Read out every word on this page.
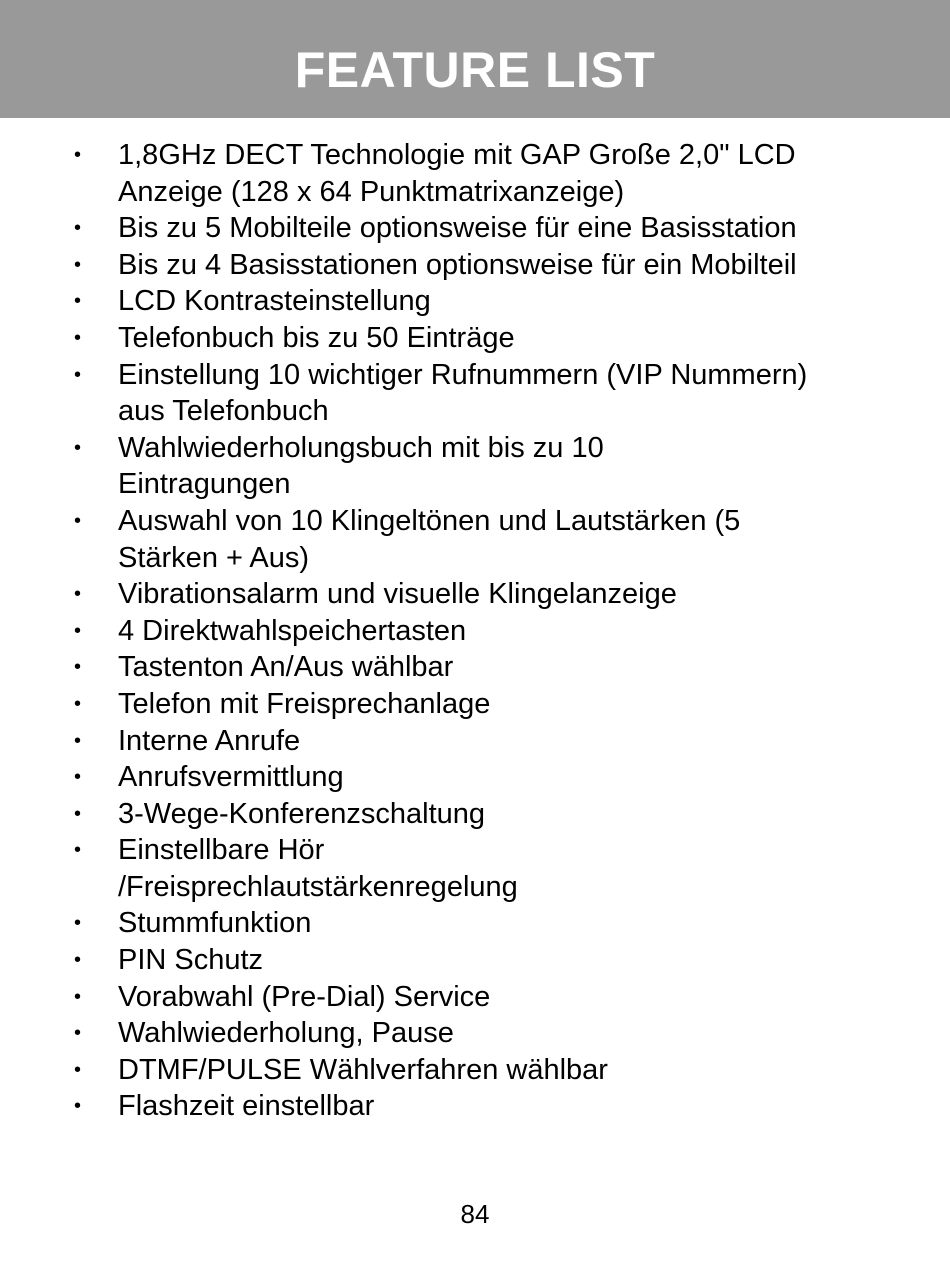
FEATURE LIST
• 1,8GHz DECT Technologie mit GAP Große 2,0" LCD
Anzeige (128 x 64 Punktmatrixanzeige)
• Bis zu 5 Mobilteile optionsweise für eine Basisstation
• Bis zu 4 Basisstationen optionsweise für ein Mobilteil
• LCD Kontrasteinstellung
• Telefonbuch bis zu 50 Einträge
• Einstellung 10 wichtiger Rufnummern (VIP Nummern)
aus Telefonbuch
• Wahlwiederholungsbuch mit bis zu 10
Eintragungen
• Auswahl von 10 Klingeltönen und Lautstärken (5
Stärken + Aus)
• Vibrationsalarm und visuelle Klingelanzeige
• 4 Direktwahlspeichertasten
• Tastenton An/Aus wählbar
• Telefon mit Freisprechanlage
• Interne Anrufe
• Anrufsvermittlung
• 3-Wege-Konferenzschaltung
• Einstellbare Hör
/Freisprechlautstärkenregelung
• Stummfunktion
• PIN Schutz
• Vorabwahl (Pre-Dial) Service
• Wahlwiederholung, Pause
• DTMF/PULSE Wählverfahren wählbar
• Flashzeit einstellbar
84
